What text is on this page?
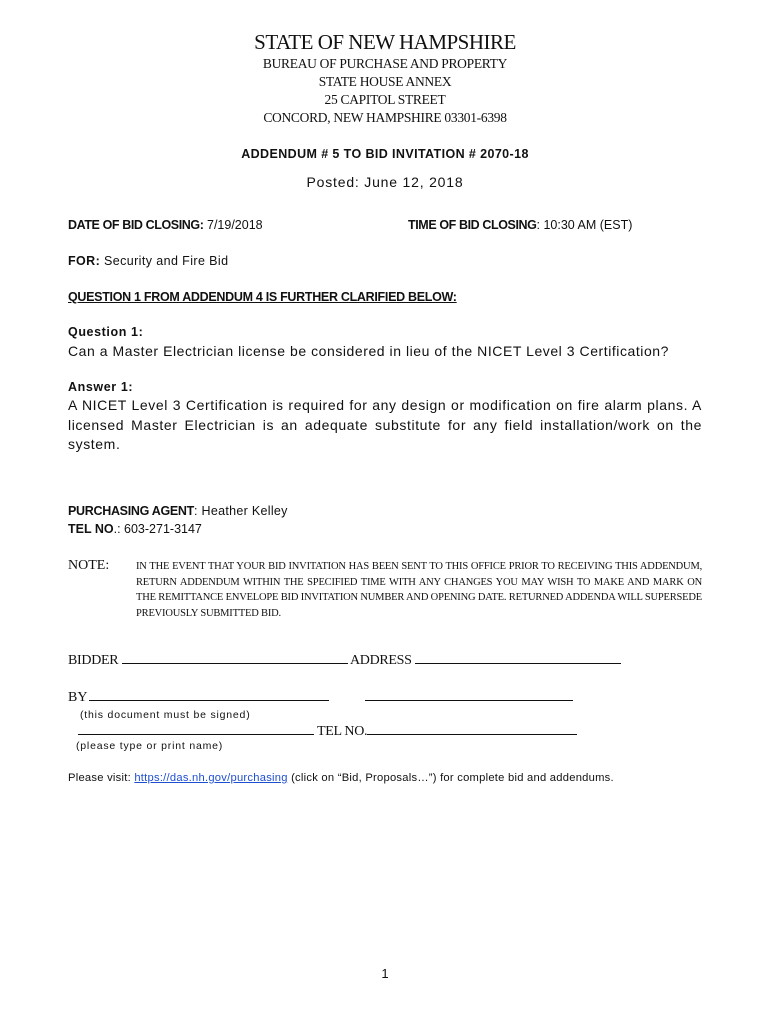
STATE OF NEW HAMPSHIRE
BUREAU OF PURCHASE AND PROPERTY
STATE HOUSE ANNEX
25 CAPITOL STREET
CONCORD, NEW HAMPSHIRE 03301-6398
ADDENDUM # 5 TO BID INVITATION # 2070-18
Posted: June 12, 2018
DATE OF BID CLOSING: 7/19/2018	TIME OF BID CLOSING: 10:30 AM (EST)
FOR: Security and Fire Bid
QUESTION 1 FROM ADDENDUM 4 IS FURTHER CLARIFIED BELOW:
Question 1:
Can a Master Electrician license be considered in lieu of the NICET Level 3 Certification?
Answer 1:
A NICET Level 3 Certification is required for any design or modification on fire alarm plans. A licensed Master Electrician is an adequate substitute for any field installation/work on the system.
PURCHASING AGENT: Heather Kelley
TEL NO.: 603-271-3147
NOTE:	IN THE EVENT THAT YOUR BID INVITATION HAS BEEN SENT TO THIS OFFICE PRIOR TO RECEIVING THIS ADDENDUM, RETURN ADDENDUM WITHIN THE SPECIFIED TIME WITH ANY CHANGES YOU MAY WISH TO MAKE AND MARK ON THE REMITTANCE ENVELOPE BID INVITATION NUMBER AND OPENING DATE. RETURNED ADDENDA WILL SUPERSEDE PREVIOUSLY SUBMITTED BID.
BIDDER	ADDRESS
BY
(this document must be signed)
TEL NO.
(please type or print name)
Please visit: https://das.nh.gov/purchasing (click on “Bid, Proposals…”) for complete bid and addendums.
1
